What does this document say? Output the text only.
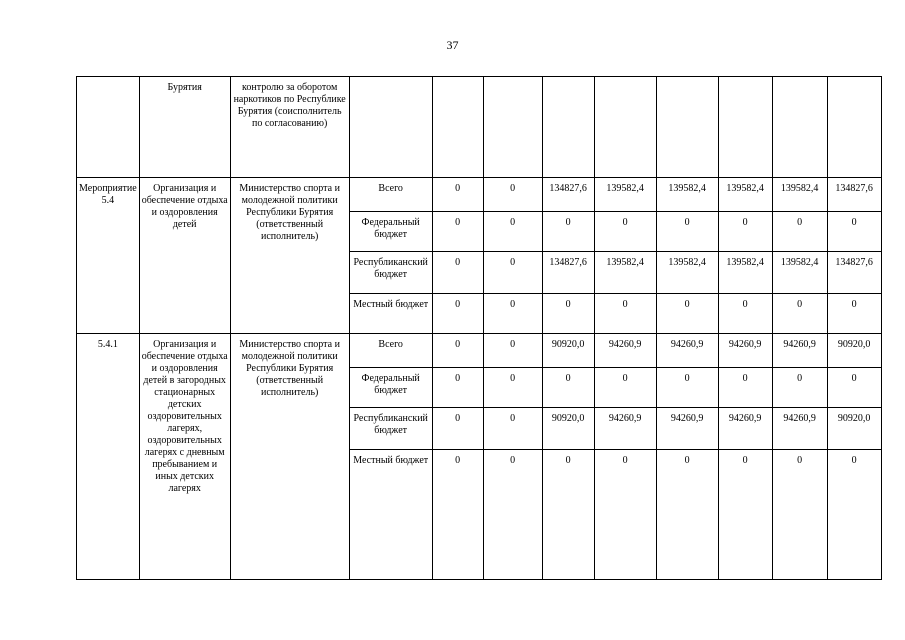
37
	Бурятия	контролю за оборотом наркотиков по Республике Бурятия (соисполнитель по согласованию)									
Мероприятие 5.4	Организация и обеспечение отдыха и оздоровления детей	Министерство спорта и молодежной политики Республики Бурятия (ответственный исполнитель)	Всего	0	0	134827,6	139582,4	139582,4	139582,4	139582,4	134827,6
			Федеральный бюджет	0	0	0	0	0	0	0	0
			Республиканский бюджет	0	0	134827,6	139582,4	139582,4	139582,4	139582,4	134827,6
			Местный бюджет	0	0	0	0	0	0	0	0
5.4.1	Организация и обеспечение отдыха и оздоровления детей в загородных стационарных детских оздоровительных лагерях, оздоровительных лагерях с дневным пребыванием и иных детских лагерях	Министерство спорта и молодежной политики Республики Бурятия (ответственный исполнитель)	Всего	0	0	90920,0	94260,9	94260,9	94260,9	94260,9	90920,0
			Федеральный бюджет	0	0	0	0	0	0	0	0
			Республиканский бюджет	0	0	90920,0	94260,9	94260,9	94260,9	94260,9	90920,0
			Местный бюджет	0	0	0	0	0	0	0	0
